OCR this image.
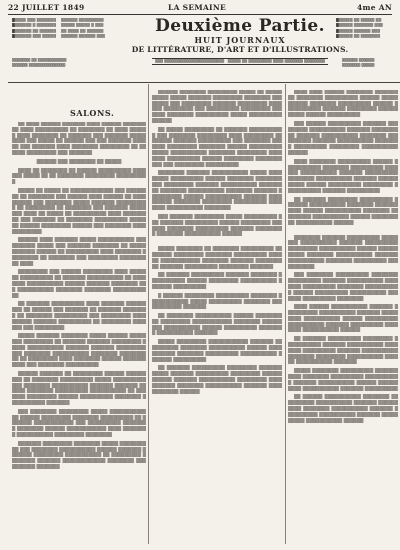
22 JUILLET 1849	LA SEMAINE	4me AN
▓▒▒▒▒ ▒▒▒ ▒▒▒▒▒▒▒    ▒▒▒▒▒▒ ▒▒▒▒▒▒▒▒▒
▓▒▒▒▒▒▒ ▒ ▒▒▒▒▒▒▒    ▒▒▒▒▒ ▒▒▒▒▒ ▒ ▒▒▒
▓▒▒▒▒▒▒ ▒▒ ▒▒▒▒▒▒    ▒▒ ▒▒▒▒ ▒▒ ▒▒▒▒▒▒
▓▒▒▒▒▒▒ ▒▒▒ ▒▒▒▒▒    ▒▒▒▒▒▒ ▒▒▒▒▒▒ ▒▒▒
▓▒▒▒▒▒ ▒▒ ▒▒▒▒▒ ▒▒
▓▒▒▒▒▒ ▒▒▒▒▒▒▒ ▒▒▒
▓▒▒▒▒▒ ▒▒▒▒▒▒ ▒▒▒
▓▒▒▒▒▒ ▒▒ ▒▒▒▒▒▒▒
Deuxième Partie.
HUIT JOURNAUX
DE LITTÉRATURE, D'ART ET D'ILLUSTRATIONS.
▒▒▒ ▒▒▒▒▒▒▒▒▒▒▒▒▒▒▒▒▒▒▒▒▒▒▒   ▒▒▒▒▒ ▒▒ ▒▒▒▒▒▒▒▒▒ ▒▒▒▒ ▒▒▒▒▒▒▒ ▒▒▒▒▒▒▒▒
▒▒▒▒▒▒▒ ▒▒ ▒▒▒▒▒▒▒▒▒▒▒
▒▒▒▒▒▒ ▒▒▒▒▒▒▒▒▒▒▒▒▒▒
▒▒▒▒▒▒ ▒▒▒▒▒▒
▒▒▒▒▒▒▒ ▒▒▒▒▒
SALONS.

▒▒ ▒▒▒▒ ▒▒▒▒▒▒ ▒▒▒▒▒▒▒ ▒▒▒▒ ▒▒▒▒▒▒ ▒▒▒▒▒▒▒▒▒ ▒▒▒▒ ▒▒▒▒▒▒▒▒▒▒ ▒▒ ▒▒▒▒▒▒▒▒ ▒▒ ▒▒▒▒ ▒▒▒▒▒▒ ▒▒▒▒ ▒▒▒▒▒▒▒▒ ▒▒ ▒▒▒▒▒▒▒ ▒▒▒ ▒▒▒▒▒▒▒ ▒▒▒▒▒▒▒▒▒ ▒▒▒ ▒▒▒▒▒ ▒▒ ▒▒▒▒▒▒ ▒▒▒ ▒▒▒ ▒▒▒▒▒▒▒ ▒▒▒▒▒▒ ▒▒▒ ▒▒▒▒▒▒▒ ▒▒▒▒ ▒▒▒▒▒▒▒▒ ▒▒▒▒▒▒▒▒▒ ▒▒ ▒▒▒▒▒▒ ▒▒▒▒▒▒▒▒▒ ▒▒▒ ▒▒▒▒▒▒▒

▒▒▒▒▒▒ ▒▒▒ ▒▒▒▒▒▒▒▒ ▒▒ ▒▒▒▒▒

▒▒▒▒ ▒▒ ▒▒▒▒▒▒▒▒ ▒▒ ▒▒▒▒▒▒ ▒▒▒▒▒▒▒▒▒▒ ▒▒▒▒▒▒▒ ▒▒▒▒▒ ▒▒ ▒▒ ▒▒▒▒▒▒▒▒ ▒▒▒▒▒▒▒▒▒ ▒▒▒▒▒▒▒▒▒▒

▒▒▒▒▒ ▒▒ ▒▒▒▒▒ ▒▒ ▒▒▒▒▒▒▒▒▒▒▒▒▒ ▒▒▒ ▒▒▒▒▒▒▒▒ ▒▒ ▒▒▒▒▒▒▒▒ ▒▒▒ ▒▒▒▒▒▒ ▒▒▒▒ ▒▒▒▒▒▒ ▒▒ ▒▒▒▒▒▒▒▒▒▒ ▒▒▒ ▒▒▒▒▒▒▒▒ ▒▒▒▒▒ ▒▒▒▒▒▒▒ ▒▒▒▒▒▒▒▒▒▒ ▒▒ ▒▒▒▒▒▒▒▒▒ ▒▒ ▒▒▒▒▒▒▒▒ ▒▒▒ ▒▒▒▒▒▒▒ ▒▒▒▒▒▒▒▒ ▒▒▒▒ ▒▒ ▒▒▒▒▒ ▒▒ ▒▒▒▒▒▒▒▒▒▒ ▒▒▒▒ ▒▒▒▒▒▒▒▒▒ ▒▒▒ ▒▒▒▒▒▒▒ ▒▒ ▒▒▒▒▒▒▒▒ ▒▒▒▒▒▒▒▒▒▒ ▒▒▒▒▒ ▒▒ ▒▒▒▒▒▒ ▒▒▒▒▒▒▒▒▒ ▒▒▒▒▒▒ ▒▒▒ ▒▒▒▒▒▒▒▒ ▒▒▒▒▒▒▒▒▒▒▒▒▒

▒▒▒▒▒▒ ▒▒▒▒ ▒▒▒▒▒▒▒ ▒▒▒▒▒ ▒▒▒▒▒▒▒▒▒▒▒ ▒▒▒ ▒▒▒▒▒▒▒ ▒▒▒▒▒ ▒▒▒ ▒▒▒▒▒▒▒ ▒▒▒▒▒▒▒▒ ▒▒ ▒▒▒▒▒ ▒▒▒▒▒▒▒ ▒▒▒▒▒▒ ▒▒ ▒▒▒▒▒▒▒▒▒▒ ▒▒▒▒ ▒▒▒▒▒▒▒▒ ▒▒▒▒▒▒▒▒▒ ▒▒ ▒▒▒▒▒▒▒▒ ▒▒▒ ▒▒▒▒▒▒▒▒▒ ▒▒▒▒▒▒▒▒▒▒ ▒▒▒▒

▒▒▒▒▒▒▒▒▒ ▒▒▒ ▒▒▒▒▒▒ ▒▒▒▒▒▒▒▒▒ ▒▒▒▒ ▒▒▒▒▒▒▒ ▒▒▒▒▒▒▒▒▒▒ ▒▒ ▒▒▒▒▒▒▒ ▒▒▒▒▒▒▒▒▒▒▒ ▒▒ ▒▒▒▒▒▒▒▒ ▒▒▒▒▒▒▒▒▒▒▒ ▒▒▒▒▒▒ ▒▒▒▒▒▒▒ ▒▒▒▒▒▒▒▒ ▒▒▒ ▒▒▒▒▒▒▒▒▒▒▒ ▒▒▒▒▒▒▒▒ ▒▒▒▒▒▒▒▒ ▒▒▒▒▒▒▒▒▒▒▒▒

▒▒ ▒▒▒▒▒▒▒ ▒▒▒▒▒▒▒▒▒▒ ▒▒▒▒ ▒▒▒▒▒▒▒ ▒▒▒▒▒▒▒▒▒ ▒▒ ▒▒▒▒▒▒ ▒▒▒ ▒▒▒▒▒▒▒ ▒▒ ▒▒▒▒▒▒▒ ▒▒▒▒▒▒▒▒ ▒▒ ▒▒▒▒▒▒▒▒ ▒▒▒▒▒▒▒▒▒▒ ▒▒▒ ▒▒▒▒▒▒▒▒▒ ▒▒▒▒ ▒▒▒▒▒▒ ▒▒▒▒▒▒▒ ▒▒▒▒▒▒▒▒▒▒ ▒▒ ▒▒▒▒▒▒▒▒▒ ▒▒▒▒▒▒▒ ▒▒▒ ▒▒▒▒▒▒▒▒▒

▒▒▒▒▒ ▒▒▒▒▒▒▒ ▒▒▒▒▒▒▒▒ ▒▒▒▒▒ ▒▒▒▒▒▒ ▒▒▒▒▒▒▒▒ ▒▒▒▒▒▒▒▒▒ ▒▒ ▒▒▒▒▒▒▒ ▒▒▒▒▒▒▒ ▒▒▒▒▒▒▒▒▒ ▒▒▒▒▒ ▒▒▒▒▒▒▒▒▒▒▒ ▒▒▒▒▒▒▒ ▒▒▒▒▒▒▒ ▒▒▒▒▒▒▒▒▒ ▒▒▒ ▒▒▒▒▒▒▒▒ ▒▒▒▒▒▒▒▒▒▒▒ ▒▒▒▒▒▒▒▒ ▒▒▒▒▒▒▒▒▒▒ ▒▒ ▒▒▒▒▒▒▒▒▒ ▒▒▒▒ ▒▒▒▒▒▒▒▒ ▒▒▒▒▒▒ ▒▒▒▒▒▒▒▒▒▒▒ ▒▒▒ ▒▒▒▒▒▒▒▒ ▒▒▒▒▒▒▒▒▒▒

▒▒▒▒▒▒ ▒▒▒▒▒▒▒ ▒▒ ▒▒▒▒▒▒▒▒▒ ▒▒▒▒▒▒ ▒▒▒▒▒▒▒▒▒ ▒▒ ▒▒▒▒▒▒▒▒ ▒▒▒▒▒▒▒▒▒▒ ▒▒▒▒▒ ▒▒▒▒▒▒▒▒▒▒ ▒▒▒ ▒▒▒▒▒▒▒▒ ▒▒▒▒▒▒▒▒▒▒▒ ▒▒▒▒▒▒▒ ▒▒▒▒▒▒▒ ▒▒▒▒▒▒ ▒▒▒▒▒▒▒▒ ▒▒▒▒▒▒▒▒▒▒ ▒▒▒▒▒▒▒▒▒▒▒ ▒▒ ▒▒▒▒▒▒▒ ▒▒▒▒▒▒▒▒▒ ▒▒▒▒▒▒ ▒▒▒▒▒▒▒▒▒▒ ▒▒▒▒▒▒▒▒ ▒▒▒▒▒▒▒▒▒▒▒ ▒▒▒▒▒▒▒

▒▒▒ ▒▒▒▒▒▒▒▒ ▒▒▒▒▒▒▒▒▒ ▒▒▒▒▒ ▒▒▒▒▒▒▒▒▒▒▒ ▒▒ ▒▒▒▒▒▒ ▒▒▒▒▒▒▒▒▒ ▒▒▒▒▒▒▒▒ ▒▒▒▒▒▒▒▒▒▒ ▒▒ ▒▒▒▒▒▒▒ ▒▒▒▒▒▒▒▒▒▒▒▒ ▒▒▒ ▒▒▒▒▒▒▒▒▒▒ ▒▒▒▒▒▒▒▒ ▒▒▒▒▒▒▒▒ ▒▒▒▒▒▒ ▒▒▒▒▒▒▒▒▒▒▒▒ ▒▒▒▒ ▒▒▒▒▒▒▒▒ ▒▒▒▒▒▒▒▒▒▒▒ ▒▒▒▒▒▒▒▒▒ ▒▒▒▒▒▒▒▒

▒▒▒▒▒▒▒ ▒▒▒▒▒▒▒▒▒ ▒▒▒▒▒▒▒▒ ▒▒▒▒▒ ▒▒▒▒▒▒▒▒▒▒ ▒▒▒ ▒▒▒▒▒▒▒▒ ▒▒▒▒▒▒▒▒▒▒▒ ▒▒▒▒▒▒ ▒▒▒▒▒▒▒ ▒▒▒▒▒▒▒ ▒▒▒▒▒▒▒▒▒ ▒▒▒▒▒▒▒▒▒▒▒ ▒▒ ▒▒▒▒▒▒▒▒▒ ▒▒▒▒▒▒▒▒ ▒▒▒▒▒▒▒ ▒▒▒▒▒▒▒▒▒▒▒▒▒ ▒▒▒▒▒▒▒▒ ▒▒▒▒▒▒▒▒▒▒ ▒▒▒▒▒▒▒

▒▒▒▒▒▒ ▒▒▒▒▒▒▒▒ ▒▒▒▒▒▒▒▒▒ ▒▒▒▒▒ ▒▒ ▒▒▒▒▒▒▒▒▒▒ ▒▒▒▒▒ ▒▒▒▒▒▒▒ ▒▒▒▒▒▒▒▒▒ ▒▒▒▒▒▒▒▒ ▒▒▒▒▒▒▒▒ ▒▒▒ ▒▒▒▒▒▒▒▒▒ ▒▒▒▒▒▒▒ ▒▒▒▒▒▒▒▒▒ ▒▒▒▒▒▒▒ ▒▒▒▒▒▒▒▒▒ ▒▒▒ ▒▒▒▒▒▒▒▒▒▒ ▒▒▒▒▒▒▒▒▒ ▒▒▒▒▒▒▒ ▒▒▒▒▒▒▒▒ ▒▒▒▒▒▒▒▒▒▒ ▒▒▒▒▒ ▒▒▒▒▒▒▒▒▒▒ ▒▒▒▒▒▒

▒▒ ▒▒▒▒▒ ▒▒▒▒▒▒▒▒▒ ▒▒ ▒▒▒▒▒▒▒ ▒▒▒▒▒▒▒▒▒▒▒ ▒▒▒ ▒▒▒▒▒▒▒▒ ▒▒▒▒▒▒▒▒▒ ▒▒▒▒ ▒▒▒▒▒▒▒▒▒ ▒▒▒▒▒▒▒▒ ▒▒▒▒▒▒▒ ▒▒▒▒▒▒▒▒▒▒ ▒▒▒ ▒▒▒▒▒▒▒▒ ▒▒▒▒▒▒▒ ▒▒▒▒▒▒▒▒▒ ▒▒▒▒▒▒▒▒ ▒▒▒▒▒▒ ▒▒▒▒▒▒▒▒▒▒ ▒▒▒▒▒ ▒▒▒▒▒▒▒▒▒▒▒ ▒▒▒▒▒▒▒▒ ▒▒▒▒▒▒▒▒▒ ▒▒▒▒▒▒▒▒ ▒▒▒▒▒▒▒▒▒▒ ▒▒▒▒▒▒ ▒▒▒▒▒▒▒▒▒ ▒▒▒▒▒▒▒▒▒▒▒ ▒▒▒ ▒▒▒▒▒▒▒▒▒ ▒▒▒▒▒▒▒▒▒▒

▒▒▒▒▒▒▒▒ ▒▒▒▒▒▒▒ ▒▒▒▒▒▒▒▒▒▒▒ ▒▒▒▒▒ ▒▒▒▒▒▒▒▒▒ ▒▒▒▒▒▒▒▒▒▒ ▒▒▒▒▒▒ ▒▒▒▒▒▒▒▒ ▒▒▒▒▒▒▒▒▒▒▒ ▒▒▒▒▒▒▒▒▒ ▒▒▒▒▒▒▒ ▒▒▒▒▒▒▒▒▒▒▒ ▒▒▒▒▒▒▒▒▒ ▒▒▒▒▒▒▒▒ ▒▒▒▒▒▒▒▒▒▒▒ ▒▒▒▒▒▒▒▒ ▒▒▒▒▒▒▒ ▒▒▒▒▒▒▒▒▒▒ ▒▒▒▒▒▒ ▒▒▒▒▒▒▒▒▒▒▒ ▒▒▒▒▒▒▒ ▒▒▒▒▒▒▒▒▒▒ ▒▒▒▒▒▒▒▒ ▒▒▒▒▒▒▒▒▒ ▒▒▒▒▒▒▒▒▒▒ ▒▒▒▒▒▒▒▒ ▒▒▒▒▒▒▒▒▒▒▒ ▒▒▒▒▒▒▒▒

▒▒▒ ▒▒▒▒▒▒▒ ▒▒▒▒▒▒▒▒▒ ▒▒▒▒▒ ▒▒▒▒▒▒▒▒▒▒ ▒▒▒ ▒▒▒▒▒▒▒ ▒▒▒▒▒▒▒▒▒▒ ▒▒▒▒▒▒ ▒▒▒▒▒▒▒▒▒ ▒▒▒▒▒▒▒ ▒▒▒▒▒▒▒▒ ▒▒▒▒▒▒▒▒▒▒ ▒▒▒▒▒▒▒ ▒▒▒▒▒▒▒▒▒ ▒▒▒▒▒▒▒▒ ▒▒▒▒▒▒▒▒▒▒▒ ▒▒▒▒▒▒

▒▒▒▒▒ ▒▒▒▒▒▒▒▒ ▒▒ ▒▒▒▒▒▒▒▒ ▒▒▒▒▒▒▒▒▒▒ ▒▒▒▒▒▒▒▒ ▒▒▒▒▒▒▒▒▒ ▒▒▒▒▒▒▒▒ ▒▒▒▒▒▒▒▒▒▒ ▒▒▒▒▒▒ ▒▒▒▒▒▒▒▒▒▒▒▒ ▒▒▒▒▒▒▒▒ ▒▒▒▒▒▒▒ ▒▒▒▒▒▒▒▒▒▒ ▒▒▒▒▒▒▒ ▒▒▒▒▒▒▒▒▒▒ ▒▒▒▒▒▒▒▒▒ ▒▒▒▒▒▒▒

▒▒ ▒▒▒▒▒▒▒ ▒▒▒▒▒▒▒▒▒▒ ▒▒▒▒▒▒▒ ▒▒▒▒▒▒▒▒ ▒▒▒▒▒▒▒▒▒▒▒ ▒▒▒▒▒▒ ▒▒▒▒▒▒▒▒▒ ▒▒▒▒▒▒▒▒▒▒▒ ▒▒▒▒▒▒▒ ▒▒▒▒▒▒▒▒▒▒

▒ ▒▒▒▒▒▒ ▒▒▒▒▒▒▒▒▒ ▒▒▒▒▒▒▒▒▒▒ ▒▒▒▒▒▒▒▒ ▒▒▒▒▒▒▒▒▒▒▒▒ ▒▒▒▒▒ ▒▒▒▒▒▒▒▒▒▒ ▒▒▒▒▒▒▒▒ ▒▒▒▒▒▒▒▒▒▒▒▒ ▒▒▒▒▒▒▒

▒▒ ▒▒▒▒▒▒▒▒ ▒▒▒▒▒▒▒▒▒▒▒ ▒▒▒▒▒▒ ▒▒▒▒▒▒▒▒▒▒ ▒▒▒▒▒▒▒▒▒ ▒▒▒▒▒▒▒▒▒▒▒▒ ▒▒▒▒▒▒▒▒ ▒▒▒▒▒▒▒▒▒ ▒▒▒▒▒▒▒▒▒▒▒ ▒▒▒▒▒▒ ▒▒▒▒▒▒▒▒▒▒ ▒▒▒▒▒▒▒▒ ▒▒▒▒▒▒▒▒▒▒▒ ▒▒▒▒▒▒▒

▒▒▒▒▒ ▒▒▒▒▒▒▒▒▒ ▒▒▒▒▒▒▒▒▒▒▒▒ ▒▒▒▒▒▒▒ ▒▒▒▒▒▒▒▒▒▒ ▒▒▒▒▒▒▒▒ ▒▒▒▒▒▒▒▒▒▒▒ ▒▒▒▒▒▒ ▒▒▒▒▒▒▒▒▒▒▒ ▒▒▒▒▒▒▒▒ ▒▒▒▒▒▒▒▒▒▒ ▒▒▒▒▒▒▒▒▒▒▒ ▒▒▒▒▒▒▒ ▒▒▒▒▒▒▒▒▒▒

▒▒ ▒▒▒▒▒▒▒ ▒▒▒▒▒▒▒▒▒▒ ▒▒▒▒▒▒▒▒▒ ▒▒▒▒▒▒▒▒▒▒▒▒ ▒▒▒▒▒▒▒ ▒▒▒▒▒▒▒▒▒▒ ▒▒▒▒▒▒▒▒▒ ▒▒▒▒▒▒▒▒▒▒▒▒ ▒▒▒▒▒▒▒ ▒▒▒▒▒▒▒▒▒▒▒ ▒▒▒▒▒▒▒▒▒ ▒▒▒▒▒▒▒▒▒▒▒ ▒▒▒▒▒▒▒▒ ▒▒▒▒▒▒▒▒▒▒▒ ▒▒▒▒▒▒▒ ▒▒▒▒▒▒▒▒▒▒▒▒ ▒▒▒▒▒▒

▒▒▒▒ ▒▒▒▒ ▒▒▒▒▒▒ ▒▒▒▒▒▒▒▒ ▒▒▒▒▒▒▒▒▒ ▒▒▒▒▒▒▒▒ ▒▒▒▒▒▒▒▒▒▒ ▒▒▒▒▒▒ ▒▒▒▒▒▒▒▒▒▒▒ ▒▒▒▒▒▒▒▒ ▒▒▒▒▒▒▒▒▒▒ ▒▒▒▒▒▒ ▒▒▒▒▒▒▒▒▒▒▒ ▒▒▒▒▒▒▒ ▒▒▒▒▒▒▒▒▒ ▒▒▒▒▒▒▒▒▒▒▒ ▒▒▒▒▒▒ ▒▒▒▒▒▒▒▒▒▒

▒▒▒ ▒▒▒▒▒▒ ▒▒▒▒▒▒▒▒▒▒ ▒▒▒▒▒▒▒ ▒▒▒▒▒▒▒▒▒ ▒▒▒▒▒▒▒▒▒▒▒ ▒▒▒▒▒▒▒ ▒▒▒▒▒▒▒▒▒▒ ▒▒▒▒▒▒▒ ▒▒▒▒▒▒▒▒▒▒▒ ▒▒▒▒▒▒▒▒ ▒▒▒▒▒▒▒▒▒▒ ▒▒▒▒▒▒▒ ▒▒▒▒▒▒▒▒▒▒▒ ▒▒▒▒▒▒▒▒ ▒▒▒▒▒▒▒▒▒▒ ▒▒▒▒▒▒▒▒▒ ▒▒▒▒▒▒▒▒▒▒▒ ▒▒▒▒▒▒

▒▒▒▒ ▒▒▒▒▒▒▒▒ ▒▒▒▒▒▒▒▒▒▒ ▒▒▒▒▒▒ ▒▒▒▒▒▒▒▒▒▒▒ ▒▒▒▒▒▒▒▒ ▒▒▒▒▒▒▒▒▒▒ ▒▒▒▒▒▒▒ ▒▒▒▒▒▒▒▒▒▒▒ ▒▒▒▒▒▒▒ ▒▒▒▒▒▒▒▒▒▒ ▒▒▒▒▒▒▒▒ ▒▒▒▒▒▒▒▒▒▒▒ ▒▒▒▒▒▒▒ ▒▒▒▒▒▒▒▒▒▒▒ ▒▒▒▒▒▒ ▒▒▒▒▒▒▒▒▒▒ ▒▒▒▒▒▒▒▒▒ ▒▒▒▒▒▒▒▒▒▒▒ ▒▒▒▒▒▒▒ ▒▒▒▒▒▒▒▒▒▒

▒▒ ▒▒▒▒▒▒▒ ▒▒▒▒▒▒▒▒▒ ▒▒▒▒▒▒▒▒▒▒ ▒▒▒▒▒▒▒ ▒▒▒▒▒▒▒▒▒▒▒ ▒▒▒▒▒▒▒▒ ▒▒▒▒▒▒▒▒▒▒▒ ▒▒▒▒▒▒ ▒▒▒▒▒▒▒▒▒▒▒ ▒▒▒▒▒▒▒▒ ▒▒▒▒▒▒▒▒▒ ▒▒▒▒▒▒▒▒▒▒▒ ▒▒▒▒▒▒ ▒▒▒▒▒▒▒▒▒▒ ▒▒▒▒▒▒▒▒▒▒▒ ▒▒▒▒▒▒

▒▒▒▒▒▒▒▒ ▒▒▒▒▒▒▒ ▒▒▒▒▒▒▒▒▒▒ ▒▒▒▒▒▒▒▒ ▒▒▒▒▒▒▒▒▒▒▒ ▒▒▒▒▒▒▒ ▒▒▒▒▒▒▒▒▒▒ ▒▒▒▒▒▒▒▒▒ ▒▒▒▒▒▒▒▒▒▒▒ ▒▒▒▒▒▒ ▒▒▒▒▒▒▒▒▒▒▒ ▒▒▒▒▒▒▒▒ ▒▒▒▒▒▒▒▒▒▒▒ ▒▒▒▒▒▒▒ ▒▒▒▒▒▒▒▒▒▒▒ ▒▒▒▒▒▒▒▒ ▒▒▒▒▒▒▒▒▒▒ ▒▒▒▒▒▒▒▒▒▒▒

▒▒▒ ▒▒▒▒▒▒▒▒ ▒▒▒▒▒▒▒▒▒▒ ▒▒▒▒▒▒▒▒ ▒▒▒▒▒▒▒▒▒▒ ▒▒▒▒▒▒▒ ▒▒▒▒▒▒▒▒▒▒▒ ▒▒▒▒▒▒▒▒ ▒▒▒▒▒▒▒▒▒▒ ▒▒▒▒▒▒▒▒ ▒▒▒▒▒▒▒▒▒▒▒ ▒▒▒▒▒▒ ▒▒▒▒▒▒▒▒▒▒ ▒▒▒▒▒▒▒▒▒▒▒ ▒▒▒▒▒▒▒ ▒▒▒▒▒▒▒▒▒▒ ▒▒▒▒▒▒▒▒

▒▒▒▒ ▒▒▒▒▒▒ ▒▒▒▒▒▒▒▒▒▒▒ ▒▒▒▒▒▒▒ ▒▒▒▒▒▒▒▒▒▒ ▒▒▒▒▒▒▒▒▒▒▒ ▒▒▒▒▒▒▒ ▒▒▒▒▒▒▒▒▒ ▒▒▒▒▒▒▒▒▒▒▒ ▒▒▒▒▒▒ ▒▒▒▒▒▒▒▒▒▒ ▒▒▒▒▒▒▒▒▒▒▒ ▒▒▒▒▒▒▒ ▒▒▒▒▒▒▒▒▒▒ ▒▒▒▒▒▒▒▒ ▒▒▒▒▒▒▒▒▒▒▒ ▒▒▒▒▒▒

▒▒ ▒▒▒▒▒▒▒ ▒▒▒▒▒▒▒▒▒▒ ▒▒▒▒▒▒▒▒▒ ▒▒▒▒▒▒▒▒▒▒▒ ▒▒▒▒▒▒▒ ▒▒▒▒▒▒▒▒▒▒▒ ▒▒▒▒▒▒▒▒ ▒▒▒▒▒▒▒▒▒▒ ▒▒▒▒▒▒▒ ▒▒▒▒▒▒▒▒▒▒▒ ▒▒▒▒▒▒▒▒ ▒▒▒▒▒▒▒▒▒ ▒▒▒▒▒▒▒▒▒▒▒ ▒▒▒▒▒▒ ▒▒▒▒▒▒▒▒▒▒▒ ▒▒▒▒▒▒▒

▒▒▒▒▒ ▒▒▒▒▒▒▒▒ ▒▒▒▒▒▒▒▒▒▒ ▒▒▒▒▒▒▒▒▒▒▒ ▒▒▒▒▒▒▒▒ ▒▒▒▒▒▒▒▒▒▒ ▒▒▒▒▒▒▒▒▒▒▒ ▒▒▒▒▒▒▒ ▒▒▒▒▒▒▒▒▒▒▒ ▒▒▒▒▒▒ ▒▒▒▒▒▒▒▒▒▒ ▒▒▒▒▒▒▒▒▒▒▒ ▒▒▒▒▒▒▒ ▒▒▒▒▒▒▒▒▒▒

▒▒ ▒▒▒▒▒▒ ▒▒▒▒▒▒▒▒▒▒▒ ▒▒▒▒▒▒▒▒ ▒▒▒▒▒▒▒▒▒▒ ▒▒▒▒▒▒▒▒▒▒▒ ▒▒▒▒▒▒▒ ▒▒▒▒▒▒▒▒▒▒ ▒▒▒▒▒▒▒▒ ▒▒▒▒▒▒▒▒▒▒▒ ▒▒▒▒▒▒▒ ▒▒▒▒▒▒▒▒▒▒ ▒▒▒▒▒▒▒▒▒▒▒ ▒▒▒▒▒▒▒ ▒▒▒▒▒▒▒▒▒▒ ▒▒▒▒▒▒▒▒▒▒▒ ▒▒▒▒▒▒
